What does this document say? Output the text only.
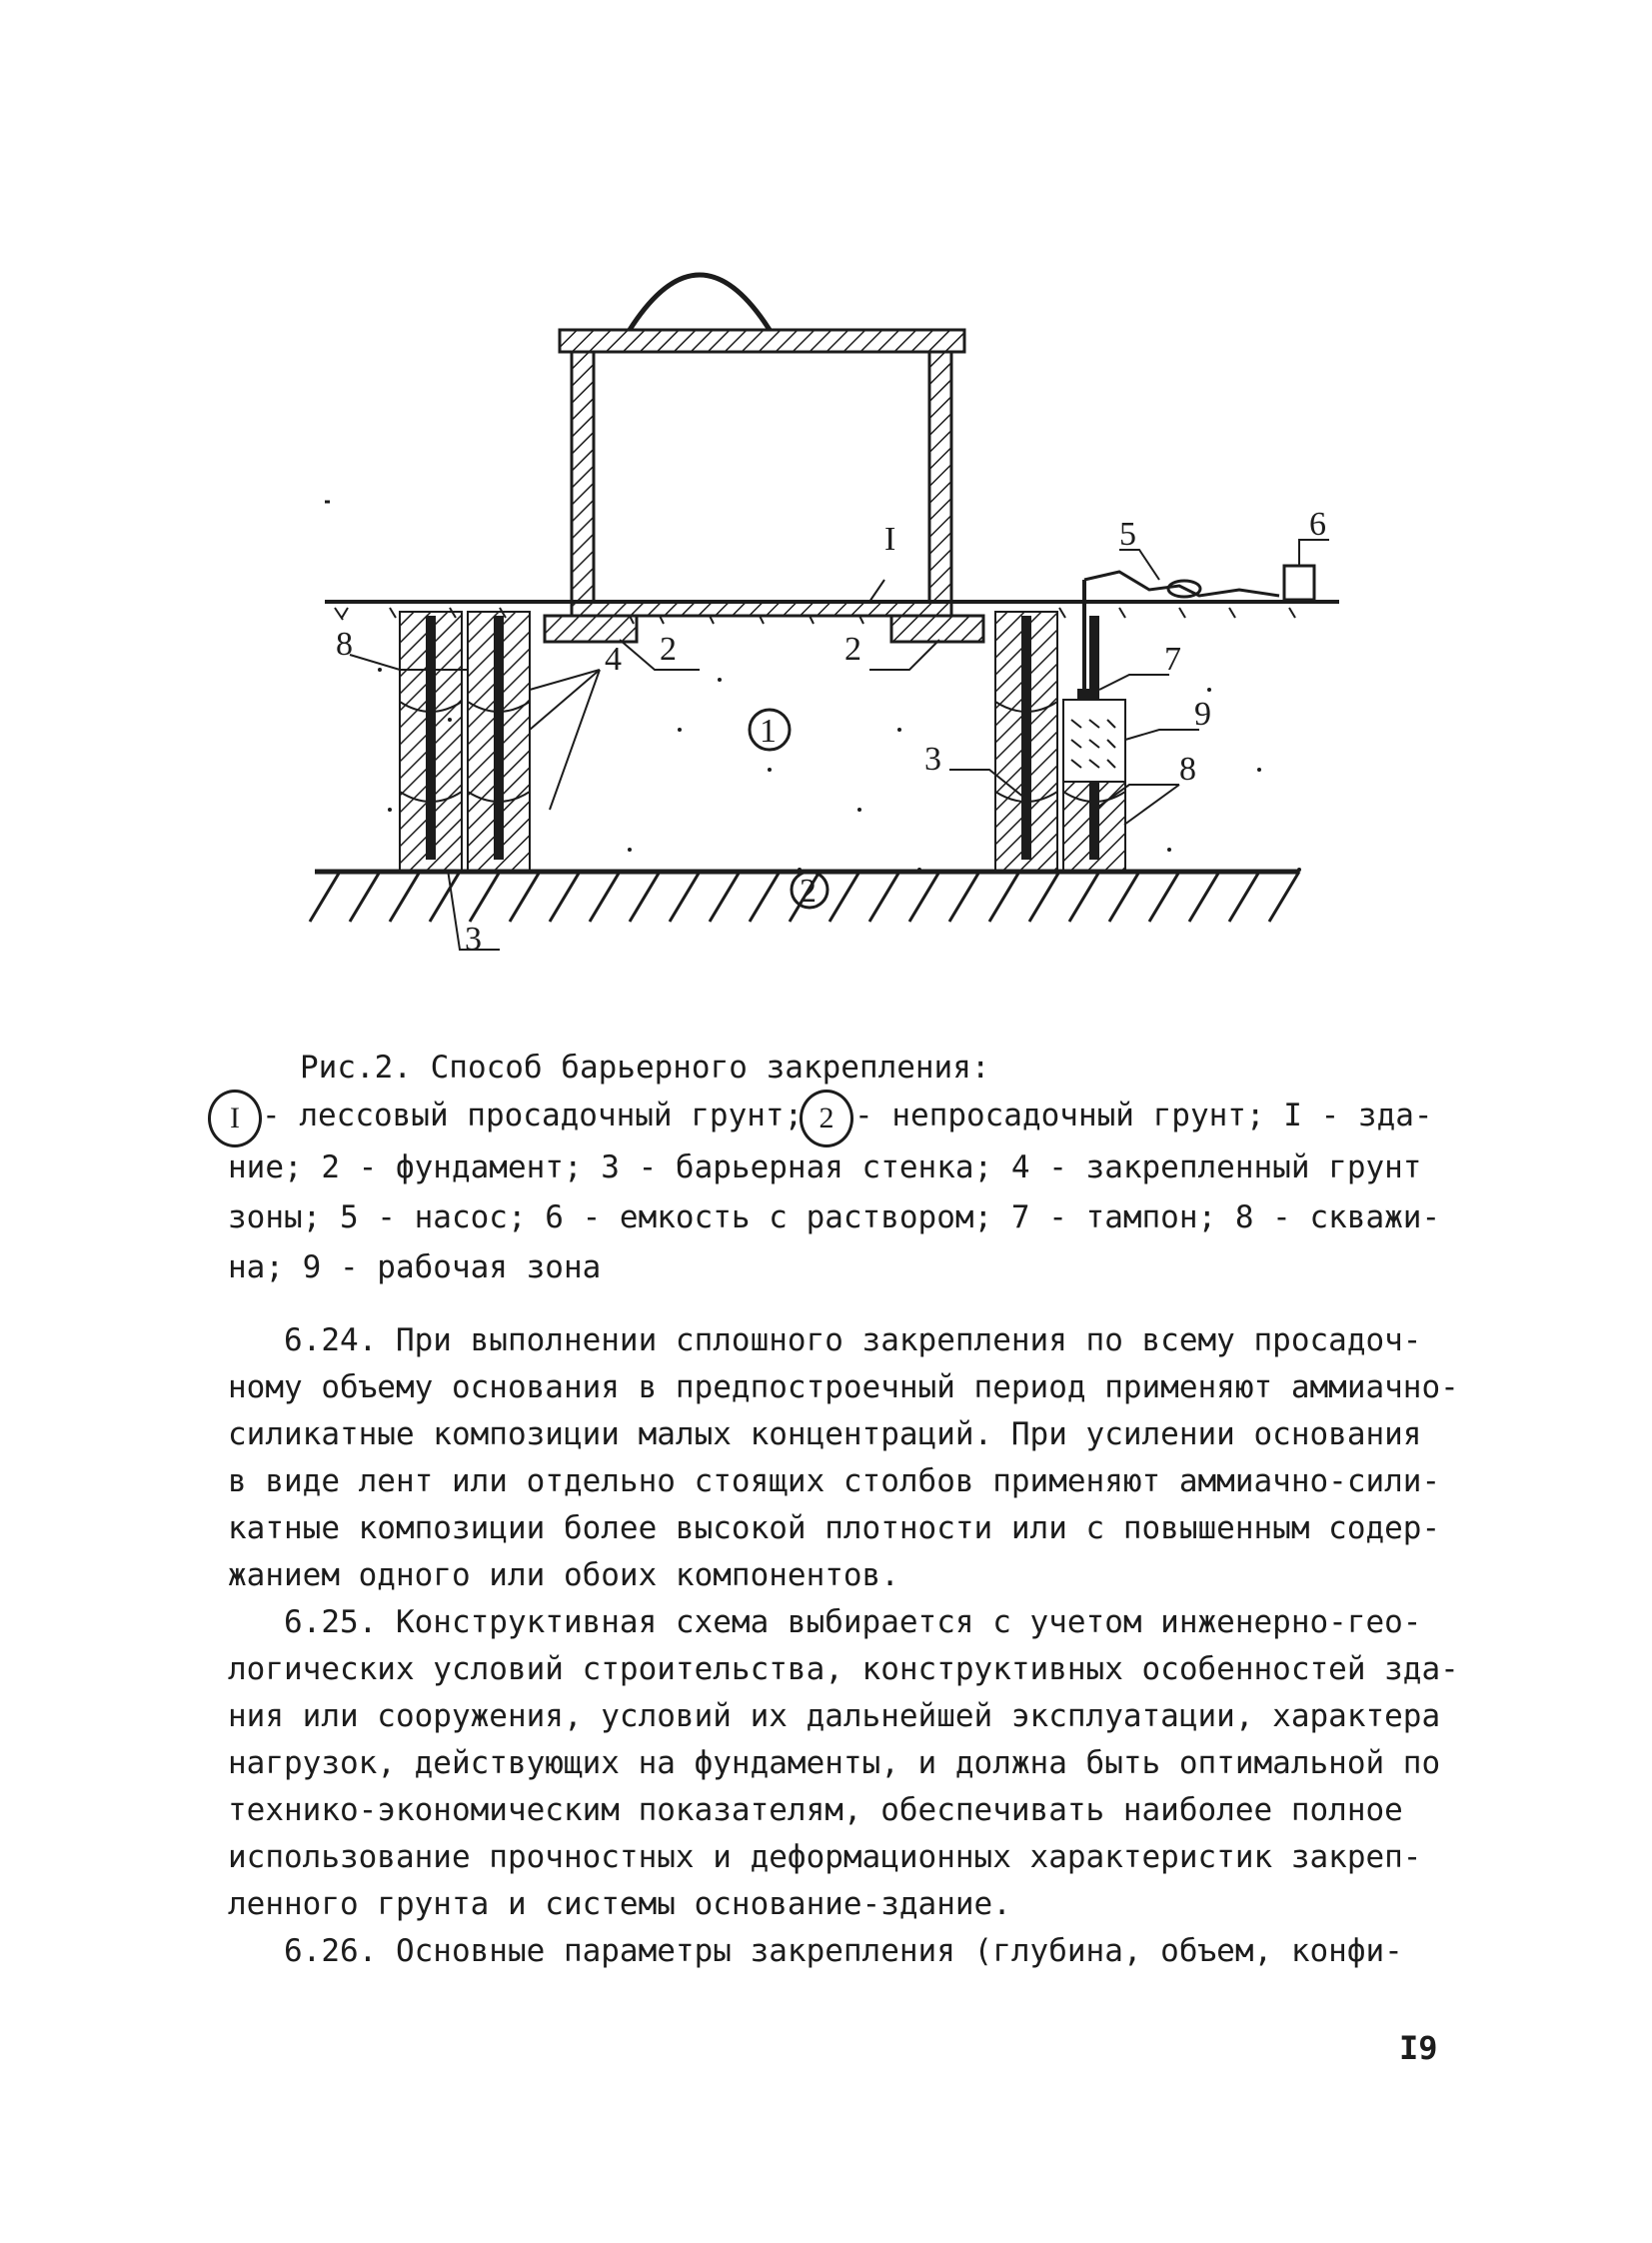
I
2	2
8	4
3
3
7
9
8
5	6
1
2
Рис.2. Способ барьерного закрепления:
I - лессовый просадочный грунт; 2 - непросадочный грунт; I - зда-
ние; 2 - фундамент; 3 - барьерная стенка; 4 - закрепленный грунт
зоны; 5 - насос; 6 - емкость с раствором; 7 - тампон; 8 - скважи-
на; 9 - рабочая зона
6.24. При выполнении сплошного закрепления по всему просадоч-
ному объему основания в предпостроечный период применяют аммиачно-
силикатные композиции малых концентраций. При усилении основания
в виде лент или отдельно стоящих столбов применяют аммиачно-сили-
катные композиции более высокой плотности или с повышенным содер-
жанием одного или обоих компонентов.
6.25. Конструктивная схема выбирается с учетом инженерно-гео-
логических условий строительства, конструктивных особенностей зда-
ния или сооружения, условий их дальнейшей эксплуатации, характера
нагрузок, действующих на фундаменты, и должна быть оптимальной по
технико-экономическим показателям, обеспечивать наиболее полное
использование прочностных и деформационных характеристик закреп-
ленного грунта и системы основание-здание.
6.26. Основные параметры закрепления (глубина, объем, конфи-
I9
